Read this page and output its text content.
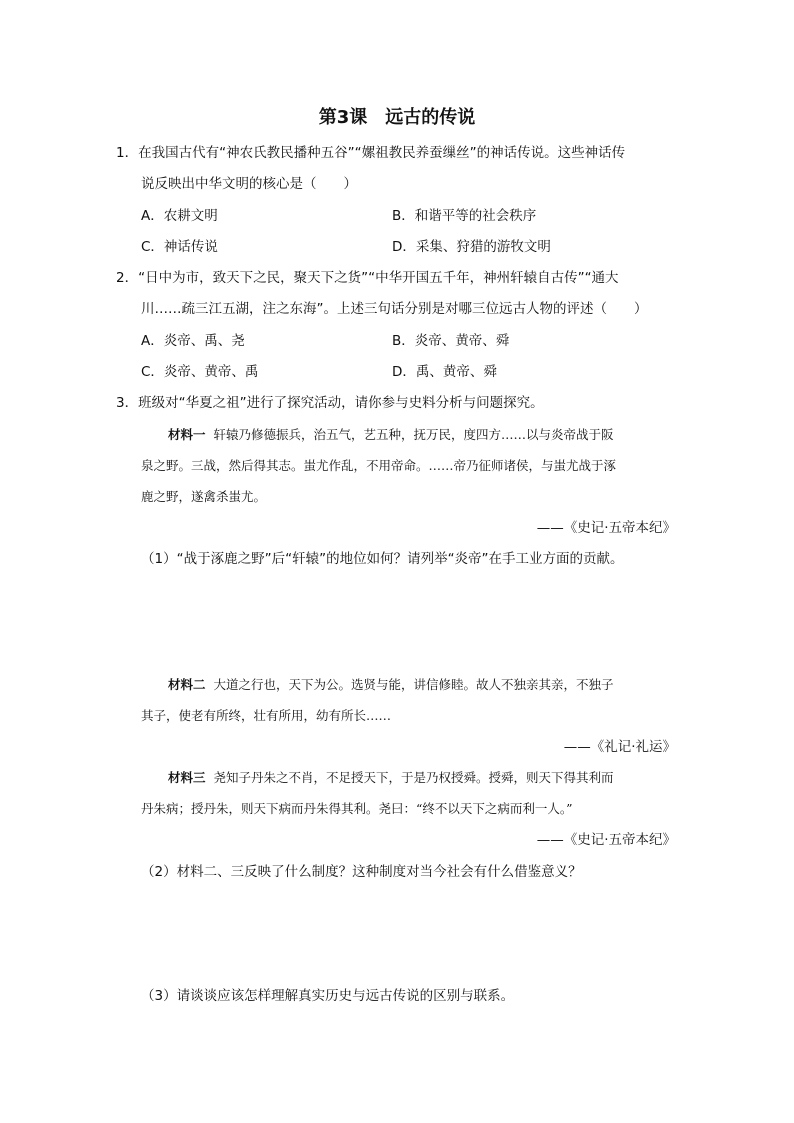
第3课　远古的传说
1．在我国古代有“神农氏教民播种五谷”“嫘祖教民养蚕缫丝”的神话传说。这些神话传
说反映出中华文明的核心是（　　）
A．农耕文明	B．和谐平等的社会秩序
C．神话传说	D．采集、狩猎的游牧文明
2．“日中为市，致天下之民，聚天下之货”“中华开国五千年，神州轩辕自古传”“通大
川……疏三江五湖，注之东海”。上述三句话分别是对哪三位远古人物的评述（　　）
A．炎帝、禹、尧	B．炎帝、黄帝、舜
C．炎帝、黄帝、禹	D．禹、黄帝、舜
3．班级对“华夏之祖”进行了探究活动，请你参与史料分析与问题探究。
材料一 轩辕乃修德振兵，治五气，艺五种，抚万民，度四方……以与炎帝战于阪
泉之野。三战，然后得其志。蚩尤作乱，不用帝命。……帝乃征师诸侯，与蚩尤战于涿
鹿之野，遂禽杀蚩尤。
——《史记·五帝本纪》
（1）“战于涿鹿之野”后“轩辕”的地位如何？请列举“炎帝”在手工业方面的贡献。
材料二 大道之行也，天下为公。选贤与能，讲信修睦。故人不独亲其亲，不独子
其子，使老有所终，壮有所用，幼有所长……
——《礼记·礼运》
材料三 尧知子丹朱之不肖，不足授天下，于是乃权授舜。授舜，则天下得其利而
丹朱病；授丹朱，则天下病而丹朱得其利。尧曰：“终不以天下之病而利一人。”
——《史记·五帝本纪》
（2）材料二、三反映了什么制度？这种制度对当今社会有什么借鉴意义？
（3）请谈谈应该怎样理解真实历史与远古传说的区别与联系。
